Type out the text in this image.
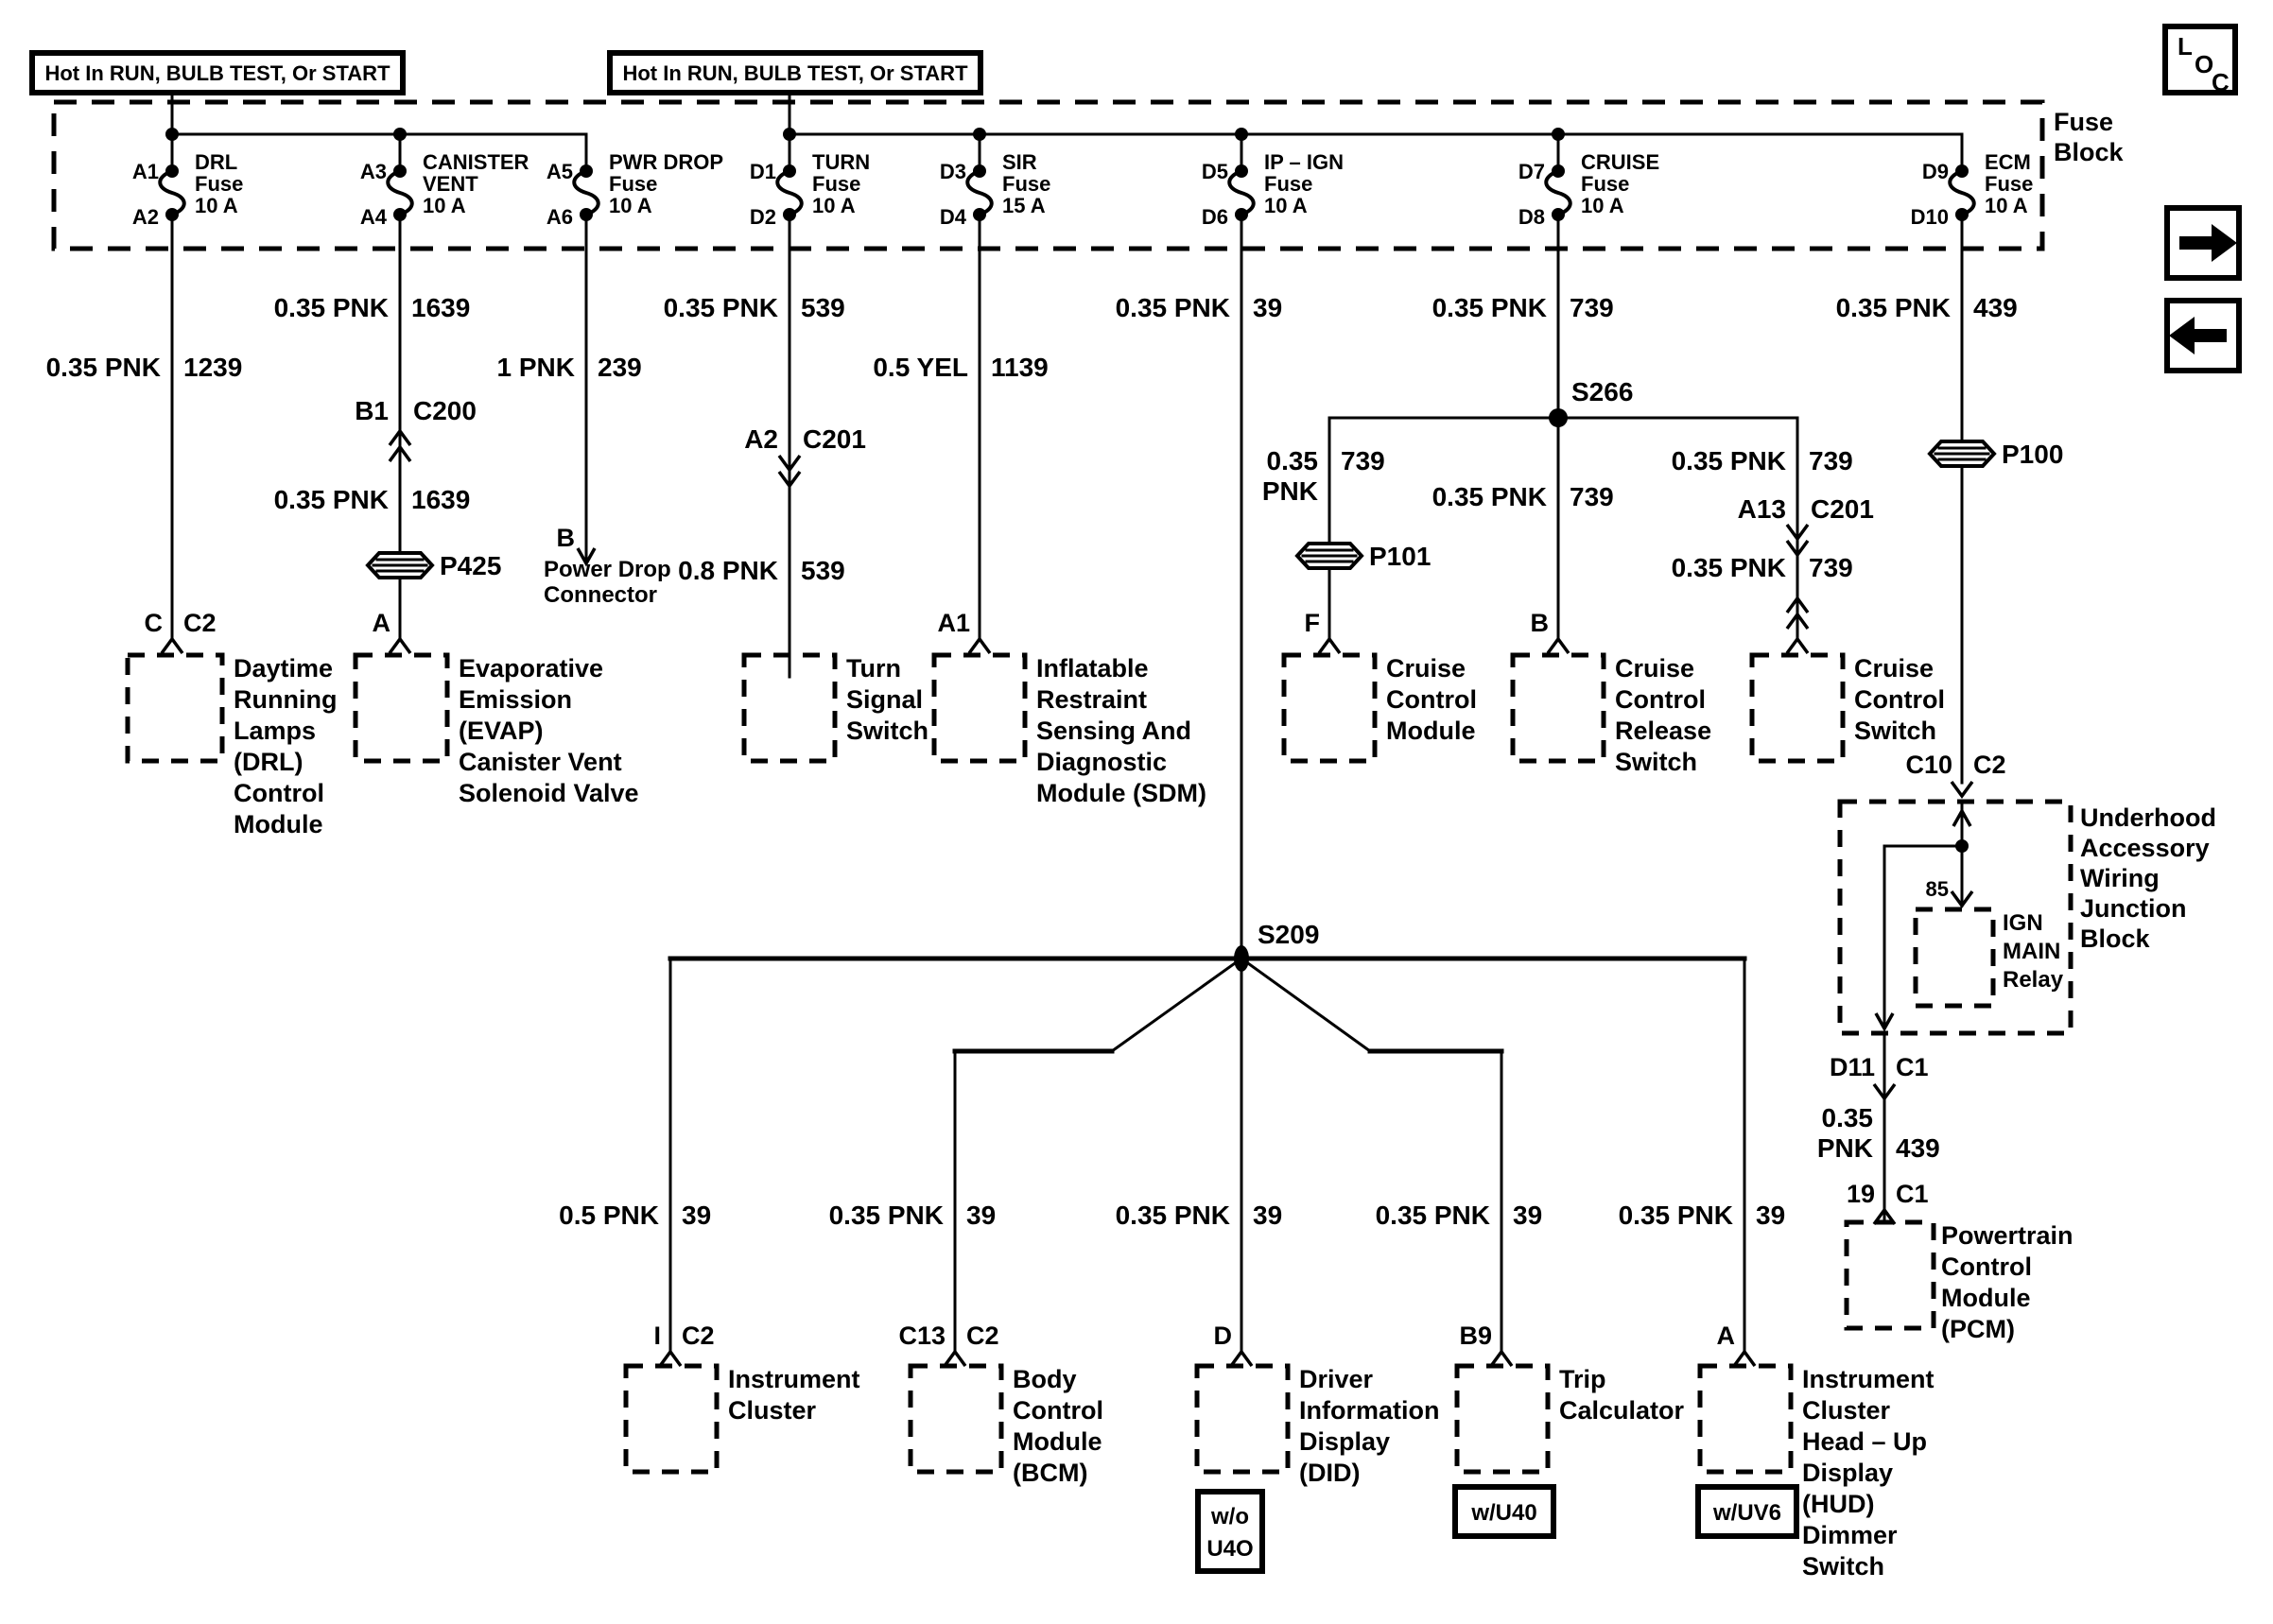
Fuse
Block
Hot In RUN, BULB TEST, Or START	Hot In RUN, BULB TEST, Or START
A1
A2
DRL
Fuse
10 A
A3
A4
CANISTER
VENT
10 A
A5
A6
PWR DROP
Fuse
10 A
D1
D2
TURN
Fuse
10 A
D3
D4
SIR
Fuse
15 A
D5
D6
IP – IGN
Fuse
10 A
D7
D8
CRUISE
Fuse
10 A
D9
D10
ECM
Fuse
10 A
0.35 PNK 1239
0.35 PNK 1639
0.35 PNK 1639
1 PNK 239
0.35 PNK 539
0.8 PNK 539
0.5 YEL 1139
0.35 PNK 39	0.35 PNK 739
0.35
PNK
739
0.35 PNK 739
0.35 PNK 739
0.35 PNK 739
0.35 PNK 439
0.35
PNK 439
0.5 PNK 39	0.35 PNK 39	0.35 PNK 39	0.35 PNK 39	0.35 PNK 39
S266
S209
P425	P101
P100
B1 C200
A2 C201
A13 C201
C C2	A	A1	F	B
C10 C2
85
D11 C1
19 C1
I C2	C13 C2	D	B9	A
B
Daytime
Running
Lamps
(DRL)
Control
Module
Evaporative
Emission
(EVAP)
Canister Vent
Solenoid Valve
Turn
Signal
Switch
Inflatable
Restraint
Sensing And
Diagnostic
Module (SDM)
Cruise
Control
Module
Cruise
Control
Release
Switch
Cruise
Control
Switch
Underhood
Accessory
Wiring
Junction
Block
IGN
MAIN
Relay
Powertrain
Control
Module
(PCM)
Instrument
Cluster
Body
Control
Module
(BCM)
Driver
Information
Display
(DID)
Trip
Calculator
Instrument
Cluster
Head – Up
Display
(HUD)
Dimmer
Switch
Power Drop
Connector
w/o
U4O
w/U40	w/UV6
L
O
C
